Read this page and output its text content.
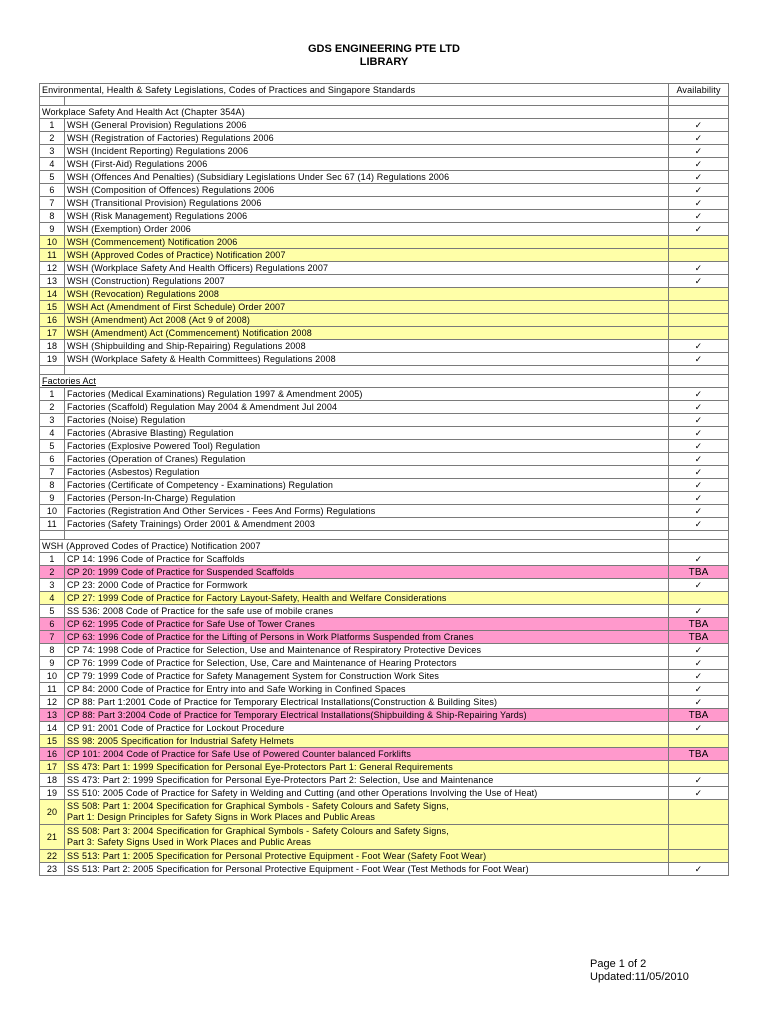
GDS ENGINEERING PTE LTD
LIBRARY
Environmental, Health & Safety Legislations, Codes of Practices and Singapore Standards		Availability

Workplace Safety And Health Act (Chapter 354A)		
1	WSH (General Provision) Regulations 2006	✓
2	WSH (Registration of Factories) Regulations 2006	✓
3	WSH (Incident Reporting) Regulations 2006	✓
4	WSH (First-Aid) Regulations 2006	✓
5	WSH (Offences And Penalties) (Subsidiary Legislations Under Sec 67 (14) Regulations 2006	✓
6	WSH (Composition of Offences) Regulations 2006	✓
7	WSH (Transitional Provision) Regulations 2006	✓
8	WSH (Risk Management) Regulations 2006	✓
9	WSH (Exemption) Order 2006	✓
10	WSH (Commencement) Notification 2006	
11	WSH (Approved Codes of Practice) Notification 2007	
12	WSH (Workplace Safety And Health Officers) Regulations 2007	✓
13	WSH (Construction) Regulations 2007	✓
14	WSH (Revocation) Regulations 2008	
15	WSH Act (Amendment of First Schedule) Order 2007	
16	WSH (Amendment) Act 2008 (Act 9 of 2008)	
17	WSH (Amendment) Act (Commencement) Notification 2008	
18	WSH (Shipbuilding and Ship-Repairing) Regulations 2008	✓
19	WSH (Workplace Safety & Health Committees) Regulations 2008	✓

Factories Act		
1	Factories (Medical Examinations) Regulation 1997 & Amendment 2005)	✓
2	Factories (Scaffold) Regulation May 2004 & Amendment Jul 2004	✓
3	Factories (Noise) Regulation	✓
4	Factories (Abrasive Blasting) Regulation	✓
5	Factories (Explosive Powered Tool) Regulation	✓
6	Factories (Operation of Cranes) Regulation	✓
7	Factories (Asbestos) Regulation	✓
8	Factories (Certificate of Competency - Examinations) Regulation	✓
9	Factories (Person-In-Charge) Regulation	✓
10	Factories (Registration And Other Services - Fees And Forms) Regulations	✓
11	Factories (Safety Trainings) Order 2001 & Amendment 2003	✓

WSH (Approved Codes of Practice) Notification 2007		
1	CP 14: 1996 Code of Practice for Scaffolds	✓
2	CP 20: 1999 Code of Practice for Suspended Scaffolds	TBA
3	CP 23: 2000 Code of Practice for Formwork	✓
4	CP 27: 1999 Code of Practice for Factory Layout-Safety, Health and Welfare Considerations	
5	SS 536: 2008 Code of Practice for the safe use of mobile cranes	✓
6	CP 62: 1995 Code of Practice for Safe Use of Tower Cranes	TBA
7	CP 63: 1996 Code of Practice for the Lifting of Persons in Work Platforms Suspended from Cranes	TBA
8	CP 74: 1998 Code of Practice for Selection, Use and Maintenance of Respiratory Protective Devices	✓
9	CP 76: 1999 Code of Practice for Selection, Use, Care and Maintenance of Hearing Protectors	✓
10	CP 79: 1999 Code of Practice for Safety Management System for Construction Work Sites	✓
11	CP 84: 2000 Code of Practice for Entry into and Safe Working in Confined Spaces	✓
12	CP 88: Part 1:2001 Code of Practice for Temporary Electrical Installations(Construction & Building Sites)	✓
13	CP 88: Part 3:2004 Code of Practice for Temporary Electrical Installations(Shipbuilding & Ship-Repairing Yards)	TBA
14	CP 91: 2001 Code of Practice for Lockout Procedure	✓
15	SS 98: 2005 Specification for Industrial Safety Helmets	
16	CP 101: 2004 Code of Practice for Safe Use of Powered Counter balanced Forklifts	TBA
17	SS 473: Part 1: 1999 Specification for Personal Eye-Protectors Part 1: General Requirements	
18	SS 473: Part 2: 1999 Specification for Personal Eye-Protectors Part 2: Selection, Use and Maintenance	✓
19	SS 510: 2005 Code of Practice for Safety in Welding and Cutting (and other Operations Involving the Use of Heat)	✓
20	SS 508: Part 1: 2004 Specification for Graphical Symbols - Safety Colours and Safety Signs,
Part 1: Design Principles for Safety Signs in Work Places and Public Areas	

21	SS 508: Part 3: 2004 Specification for Graphical Symbols - Safety Colours and Safety Signs,
Part 3: Safety Signs Used in Work Places and Public Areas	

22	SS 513: Part 1: 2005 Specification for Personal Protective Equipment - Foot Wear (Safety Foot Wear)	
23	SS 513: Part 2: 2005 Specification for Personal Protective Equipment - Foot Wear (Test Methods for Foot Wear)	✓
Page 1 of 2
Updated:11/05/2010
